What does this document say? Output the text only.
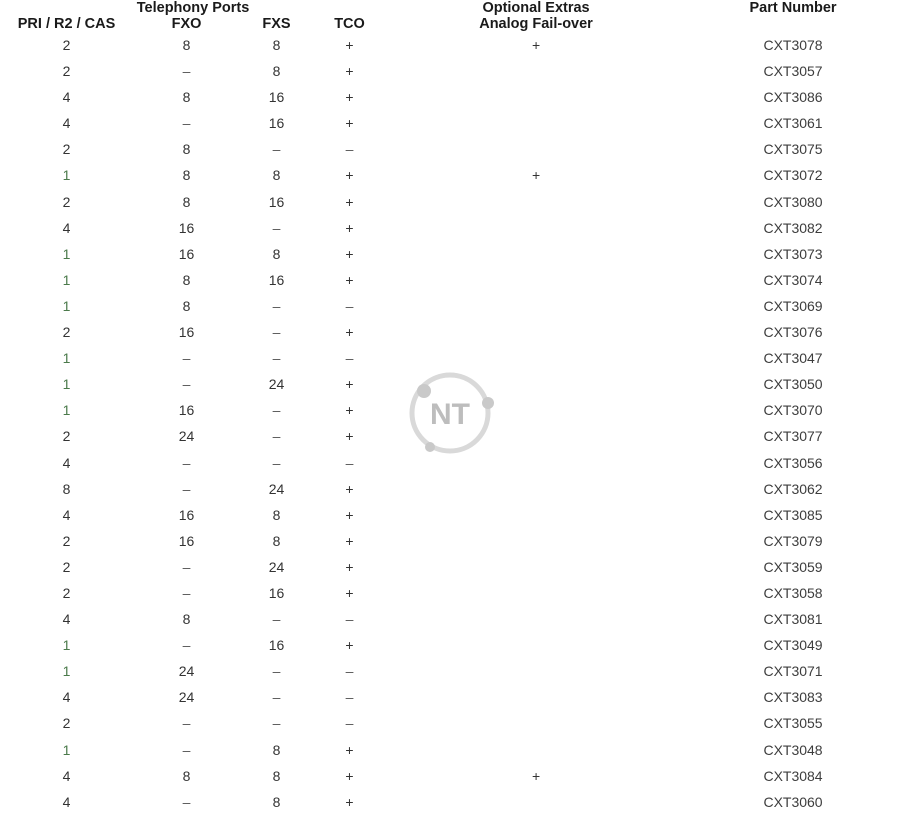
NT
Telephony Ports				Optional Extras	Part Number
PRI / R2 / CAS	FXO	FXS	TCO	Analog Fail-over	
2	8	8	+	+	CXT3078
2	–	8	+		CXT3057
4	8	16	+		CXT3086
4	–	16	+		CXT3061
2	8	–	–		CXT3075
1	8	8	+	+	CXT3072
2	8	16	+		CXT3080
4	16	–	+		CXT3082
1	16	8	+		CXT3073
1	8	16	+		CXT3074
1	8	–	–		CXT3069
2	16	–	+		CXT3076
1	–	–	–		CXT3047
1	–	24	+		CXT3050
1	16	–	+		CXT3070
2	24	–	+		CXT3077
4	–	–	–		CXT3056
8	–	24	+		CXT3062
4	16	8	+		CXT3085
2	16	8	+		CXT3079
2	–	24	+		CXT3059
2	–	16	+		CXT3058
4	8	–	–		CXT3081
1	–	16	+		CXT3049
1	24	–	–		CXT3071
4	24	–	–		CXT3083
2	–	–	–		CXT3055
1	–	8	+		CXT3048
4	8	8	+	+	CXT3084
4	–	8	+		CXT3060
